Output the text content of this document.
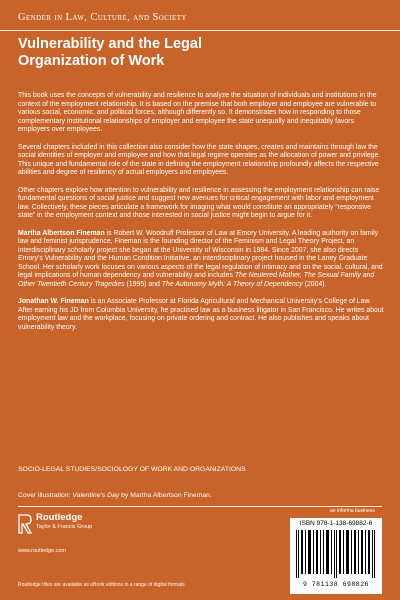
Gender in Law, Culture, and Society
Vulnerability and the Legal
Organization of Work

This book uses the concepts of vulnerability and resilience to analyze the situation of individuals and institutions in the context of the employment relationship. It is based on the premise that both employer and employee are vulnerable to various social, economic, and political forces, although differently so. It demonstrates how in responding to those complementary institutional relationships of employer and employee the state unequally and inequitably favors employers over employees.

Several chapters included in this collection also consider how the state shapes, creates and maintains through law the social identities of employer and employee and how that legal regime operates as the allocation of power and privilege. This unique and fundamental role of the state in defining the employment relationship profoundly affects the respective abilities and degree of resiliency of actual employers and employees.

Other chapters explore how attention to vulnerability and resilience in assessing the employment relationship can raise fundamental questions of social justice and suggest new avenues for critical engagement with labor and employment law. Collectively, these pieces articulate a framework for imaging what would constitute an appropriately “responsive state” in the employment context and those interested in social justice might begin to argue for it.

Martha Albertson Fineman is Robert W. Woodruff Professor of Law at Emory University. A leading authority on family law and feminist jurisprudence, Fineman is the founding director of the Feminism and Legal Theory Project, an interdisciplinary scholarly project she began at the University of Wisconsin in 1984. Since 2007, she also directs Emory’s Vulnerability and the Human Condition Initiative, an interdisciplinary project housed in the Laney Graduate School. Her scholarly work focuses on various aspects of the legal regulation of intimacy and on the social, cultural, and legal implications of human dependency and vulnerability and includes The Neutered Mother, The Sexual Family and Other Twentieth Century Tragedies (1995) and The Autonomy Myth: A Theory of Dependency (2004).

Jonathan W. Fineman is an Associate Professor at Florida Agricultural and Mechanical University’s College of Law. After earning his JD from Columbia University, he practised law as a business litigator in San Francisco. He writes about employment law and the workplace, focusing on private ordering and contract. He also publishes and speaks about vulnerability theory.

SOCIO-LEGAL STUDIES/SOCIOLOGY OF WORK AND ORGANIZATIONS
Cover illustration: Valentine’s Day by Martha Albertson Fineman.
Routledge
Taylor & Francis Group
www.routledge.com
Routledge titles are available as eBook editions in a range of digital formats
an informa business
ISBN 978-1-138-69882-6
9 781138 698826
